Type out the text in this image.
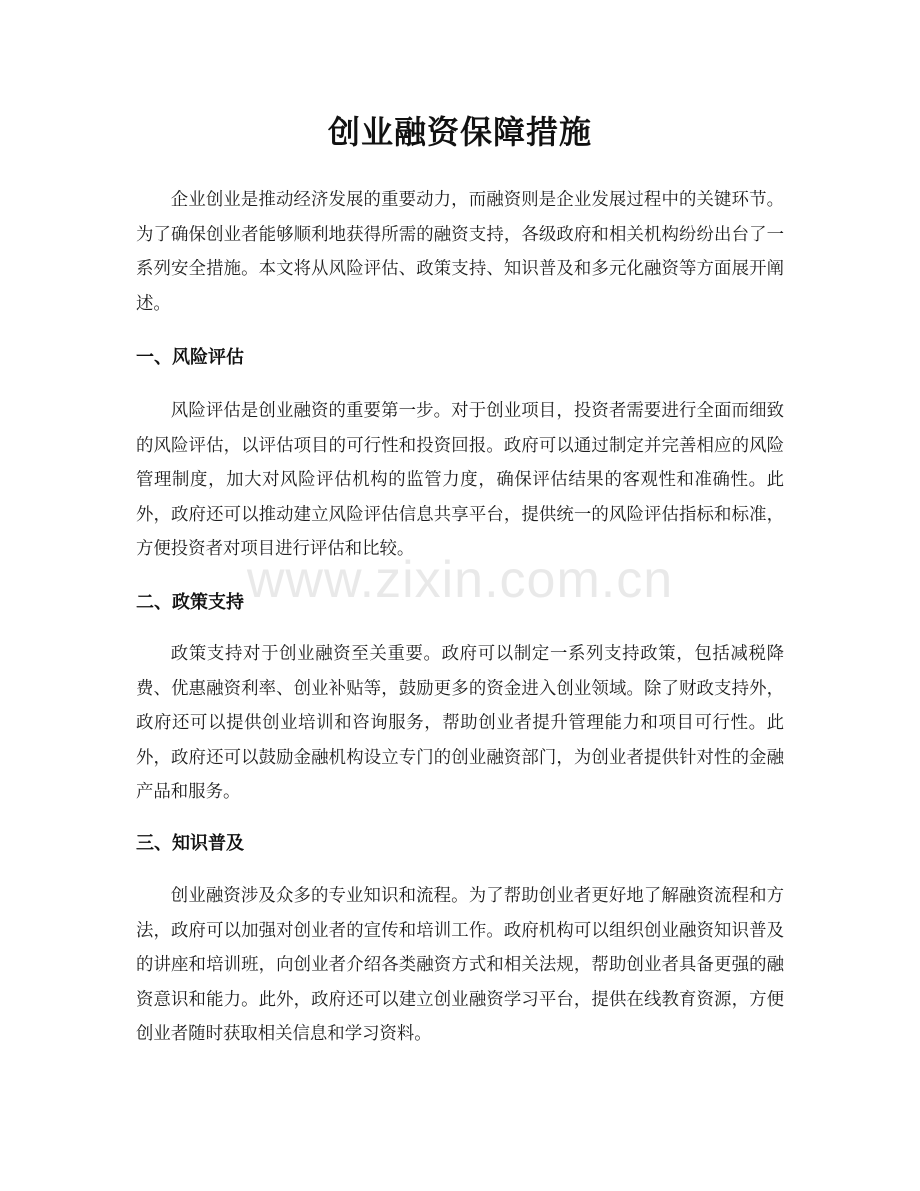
创业融资保障措施

企业创业是推动经济发展的重要动力，而融资则是企业发展过程中的关键环节。为了确保创业者能够顺利地获得所需的融资支持，各级政府和相关机构纷纷出台了一系列安全措施。本文将从风险评估、政策支持、知识普及和多元化融资等方面展开阐述。

一、风险评估

风险评估是创业融资的重要第一步。对于创业项目，投资者需要进行全面而细致的风险评估，以评估项目的可行性和投资回报。政府可以通过制定并完善相应的风险管理制度，加大对风险评估机构的监管力度，确保评估结果的客观性和准确性。此外，政府还可以推动建立风险评估信息共享平台，提供统一的风险评估指标和标准，方便投资者对项目进行评估和比较。

二、政策支持

政策支持对于创业融资至关重要。政府可以制定一系列支持政策，包括减税降费、优惠融资利率、创业补贴等，鼓励更多的资金进入创业领域。除了财政支持外，政府还可以提供创业培训和咨询服务，帮助创业者提升管理能力和项目可行性。此外，政府还可以鼓励金融机构设立专门的创业融资部门，为创业者提供针对性的金融产品和服务。

三、知识普及

创业融资涉及众多的专业知识和流程。为了帮助创业者更好地了解融资流程和方法，政府可以加强对创业者的宣传和培训工作。政府机构可以组织创业融资知识普及的讲座和培训班，向创业者介绍各类融资方式和相关法规，帮助创业者具备更强的融资意识和能力。此外，政府还可以建立创业融资学习平台，提供在线教育资源，方便创业者随时获取相关信息和学习资料。

www.zixin.com.cn
